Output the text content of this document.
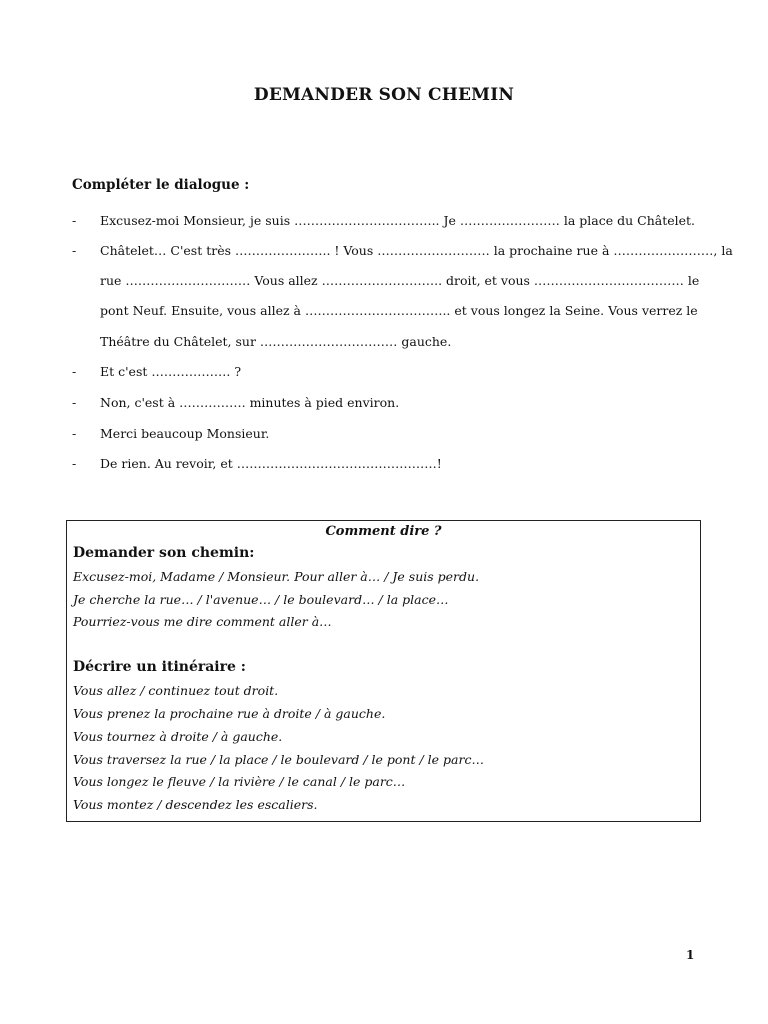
DEMANDER SON CHEMIN
Compléter le dialogue :
- Excusez-moi Monsieur, je suis …………………………….. Je …………………… la place du Châtelet.
- Châtelet… C'est très ………………….. ! Vous ……………………… la prochaine rue à ……………………, la
rue ………………………… Vous allez ……………………….. droit, et vous ……………………………… le
pont Neuf. Ensuite, vous allez à …………………………….. et vous longez la Seine. Vous verrez le
Théâtre du Châtelet, sur …………………………… gauche.
- Et c'est ………………. ?
- Non, c'est à ……………. minutes à pied environ.
- Merci beaucoup Monsieur.
- De rien. Au revoir, et …………………………………………!
Comment dire ?
Demander son chemin:
Excusez-moi, Madame / Monsieur. Pour aller à… / Je suis perdu.
Je cherche la rue… / l'avenue… / le boulevard… / la place…
Pourriez-vous me dire comment aller à…
Décrire un itinéraire :
Vous allez / continuez tout droit.
Vous prenez la prochaine rue à droite / à gauche.
Vous tournez à droite / à gauche.
Vous traversez la rue / la place / le boulevard / le pont / le parc…
Vous longez le fleuve / la rivière / le canal / le parc…
Vous montez / descendez les escaliers.
1
